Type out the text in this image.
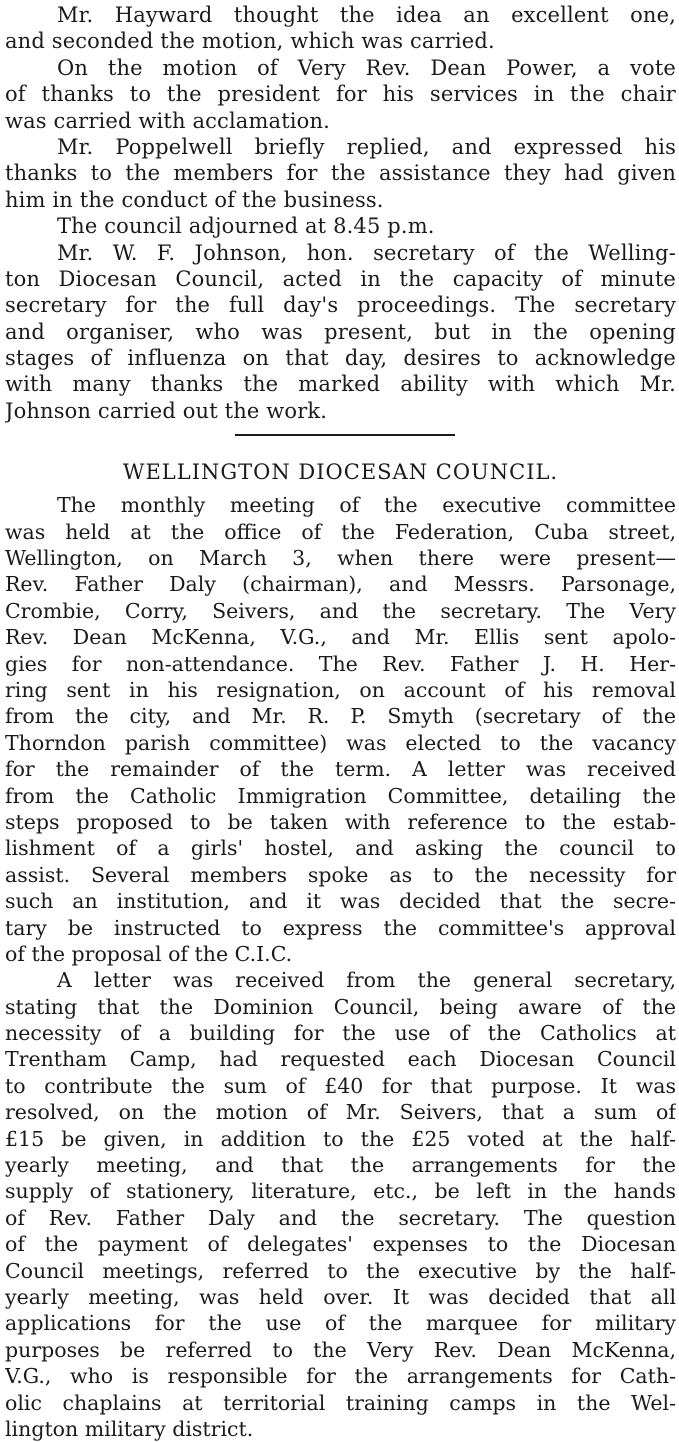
Mr. Hayward thought the idea an excellent one,
and seconded the motion, which was carried.
On the motion of Very Rev. Dean Power, a vote
of thanks to the president for his services in the chair
was carried with acclamation.
Mr. Poppelwell briefly replied, and expressed his
thanks to the members for the assistance they had given
him in the conduct of the business.
The council adjourned at 8.45 p.m.
Mr. W. F. Johnson, hon. secretary of the Welling-
ton Diocesan Council, acted in the capacity of minute
secretary for the full day's proceedings. The secretary
and organiser, who was present, but in the opening
stages of influenza on that day, desires to acknowledge
with many thanks the marked ability with which Mr.
Johnson carried out the work.
WELLINGTON DIOCESAN COUNCIL.
The monthly meeting of the executive committee
was held at the office of the Federation, Cuba street,
Wellington, on March 3, when there were present—
Rev. Father Daly (chairman), and Messrs. Parsonage,
Crombie, Corry, Seivers, and the secretary. The Very
Rev. Dean McKenna, V.G., and Mr. Ellis sent apolo-
gies for non-attendance. The Rev. Father J. H. Her-
ring sent in his resignation, on account of his removal
from the city, and Mr. R. P. Smyth (secretary of the
Thorndon parish committee) was elected to the vacancy
for the remainder of the term. A letter was received
from the Catholic Immigration Committee, detailing the
steps proposed to be taken with reference to the estab-
lishment of a girls' hostel, and asking the council to
assist. Several members spoke as to the necessity for
such an institution, and it was decided that the secre-
tary be instructed to express the committee's approval
of the proposal of the C.I.C.
A letter was received from the general secretary,
stating that the Dominion Council, being aware of the
necessity of a building for the use of the Catholics at
Trentham Camp, had requested each Diocesan Council
to contribute the sum of £40 for that purpose. It was
resolved, on the motion of Mr. Seivers, that a sum of
£15 be given, in addition to the £25 voted at the half-
yearly meeting, and that the arrangements for the
supply of stationery, literature, etc., be left in the hands
of Rev. Father Daly and the secretary. The question
of the payment of delegates' expenses to the Diocesan
Council meetings, referred to the executive by the half-
yearly meeting, was held over. It was decided that all
applications for the use of the marquee for military
purposes be referred to the Very Rev. Dean McKenna,
V.G., who is responsible for the arrangements for Cath-
olic chaplains at territorial training camps in the Wel-
lington military district.
